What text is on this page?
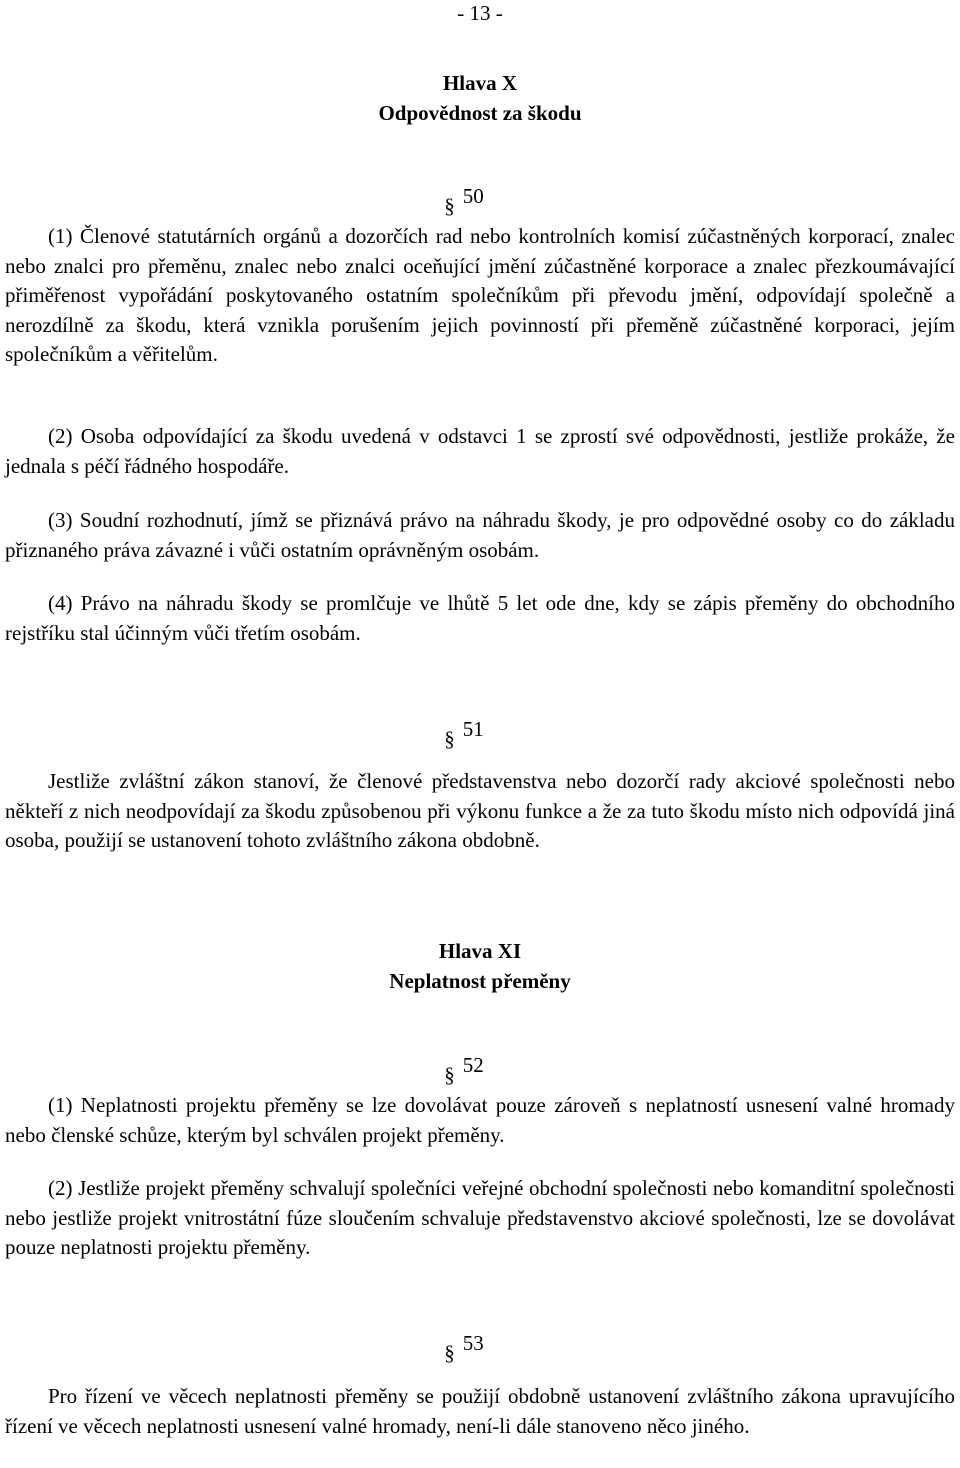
- 13 -
Hlava X
Odpovědnost za škodu
§ 50
(1) Členové statutárních orgánů a dozorčích rad nebo kontrolních komisí zúčastněných korporací, znalec nebo znalci pro přeměnu, znalec nebo znalci oceňující jmění zúčastněné korporace a znalec přezkoumávající přiměřenost vypořádání poskytovaného ostatním společníkům při převodu jmění, odpovídají společně a nerozdílně za škodu, která vznikla porušením jejich povinností při přeměně zúčastněné korporaci, jejím společníkům a věřitelům.
(2) Osoba odpovídající za škodu uvedená v odstavci 1 se zprostí své odpovědnosti, jestliže prokáže, že jednala s péčí řádného hospodáře.
(3) Soudní rozhodnutí, jímž se přiznává právo na náhradu škody, je pro odpovědné osoby co do základu přiznaného práva závazné i vůči ostatním oprávněným osobám.
(4) Právo na náhradu škody se promlčuje ve lhůtě 5 let ode dne, kdy se zápis přeměny do obchodního rejstříku stal účinným vůči třetím osobám.
§ 51
Jestliže zvláštní zákon stanoví, že členové představenstva nebo dozorčí rady akciové společnosti nebo někteří z nich neodpovídají za škodu způsobenou při výkonu funkce a že za tuto škodu místo nich odpovídá jiná osoba, použijí se ustanovení tohoto zvláštního zákona obdobně.
Hlava XI
Neplatnost přeměny
§ 52
(1) Neplatnosti projektu přeměny se lze dovolávat pouze zároveň s neplatností usnesení valné hromady nebo členské schůze, kterým byl schválen projekt přeměny.
(2) Jestliže projekt přeměny schvalují společníci veřejné obchodní společnosti nebo komanditní společnosti nebo jestliže projekt vnitrostátní fúze sloučením schvaluje představenstvo akciové společnosti, lze se dovolávat pouze neplatnosti projektu přeměny.
§ 53
Pro řízení ve věcech neplatnosti přeměny se použijí obdobně ustanovení zvláštního zákona upravujícího řízení ve věcech neplatnosti usnesení valné hromady, není-li dále stanoveno něco jiného.
